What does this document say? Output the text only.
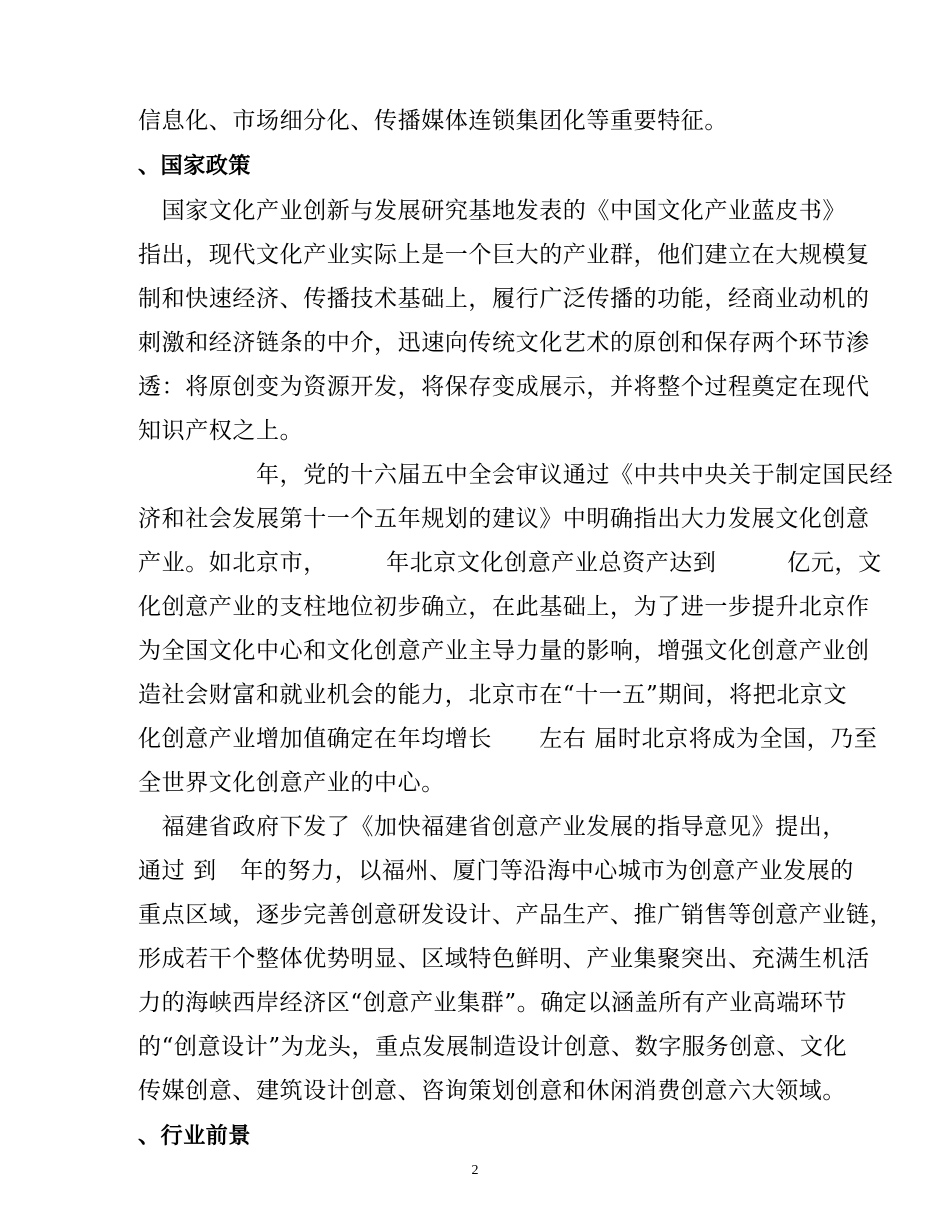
信息化、市场细分化、传播媒体连锁集团化等重要特征。
、国家政策
　国家文化产业创新与发展研究基地发表的《中国文化产业蓝皮书》
指出，现代文化产业实际上是一个巨大的产业群，他们建立在大规模复
制和快速经济、传播技术基础上，履行广泛传播的功能，经商业动机的
刺激和经济链条的中介，迅速向传统文化艺术的原创和保存两个环节渗
透：将原创变为资源开发，将保存变成展示，并将整个过程奠定在现代
知识产权之上。
　　　　　年，党的十六届五中全会审议通过《中共中央关于制定国民经
济和社会发展第十一个五年规划的建议》中明确指出大力发展文化创意
产业。如北京市，　　　年北京文化创意产业总资产达到　　　亿元，文
化创意产业的支柱地位初步确立，在此基础上，为了进一步提升北京作
为全国文化中心和文化创意产业主导力量的影响，增强文化创意产业创
造社会财富和就业机会的能力，北京市在“十一五”期间，将把北京文
化创意产业增加值确定在年均增长　　左右 届时北京将成为全国，乃至
全世界文化创意产业的中心。
　福建省政府下发了《加快福建省创意产业发展的指导意见》提出，
通过 到　年的努力，以福州、厦门等沿海中心城市为创意产业发展的
重点区域，逐步完善创意研发设计、产品生产、推广销售等创意产业链，
形成若干个整体优势明显、区域特色鲜明、产业集聚突出、充满生机活
力的海峡西岸经济区“创意产业集群”。确定以涵盖所有产业高端环节
的“创意设计”为龙头，重点发展制造设计创意、数字服务创意、文化
传媒创意、建筑设计创意、咨询策划创意和休闲消费创意六大领域。
、行业前景
2
